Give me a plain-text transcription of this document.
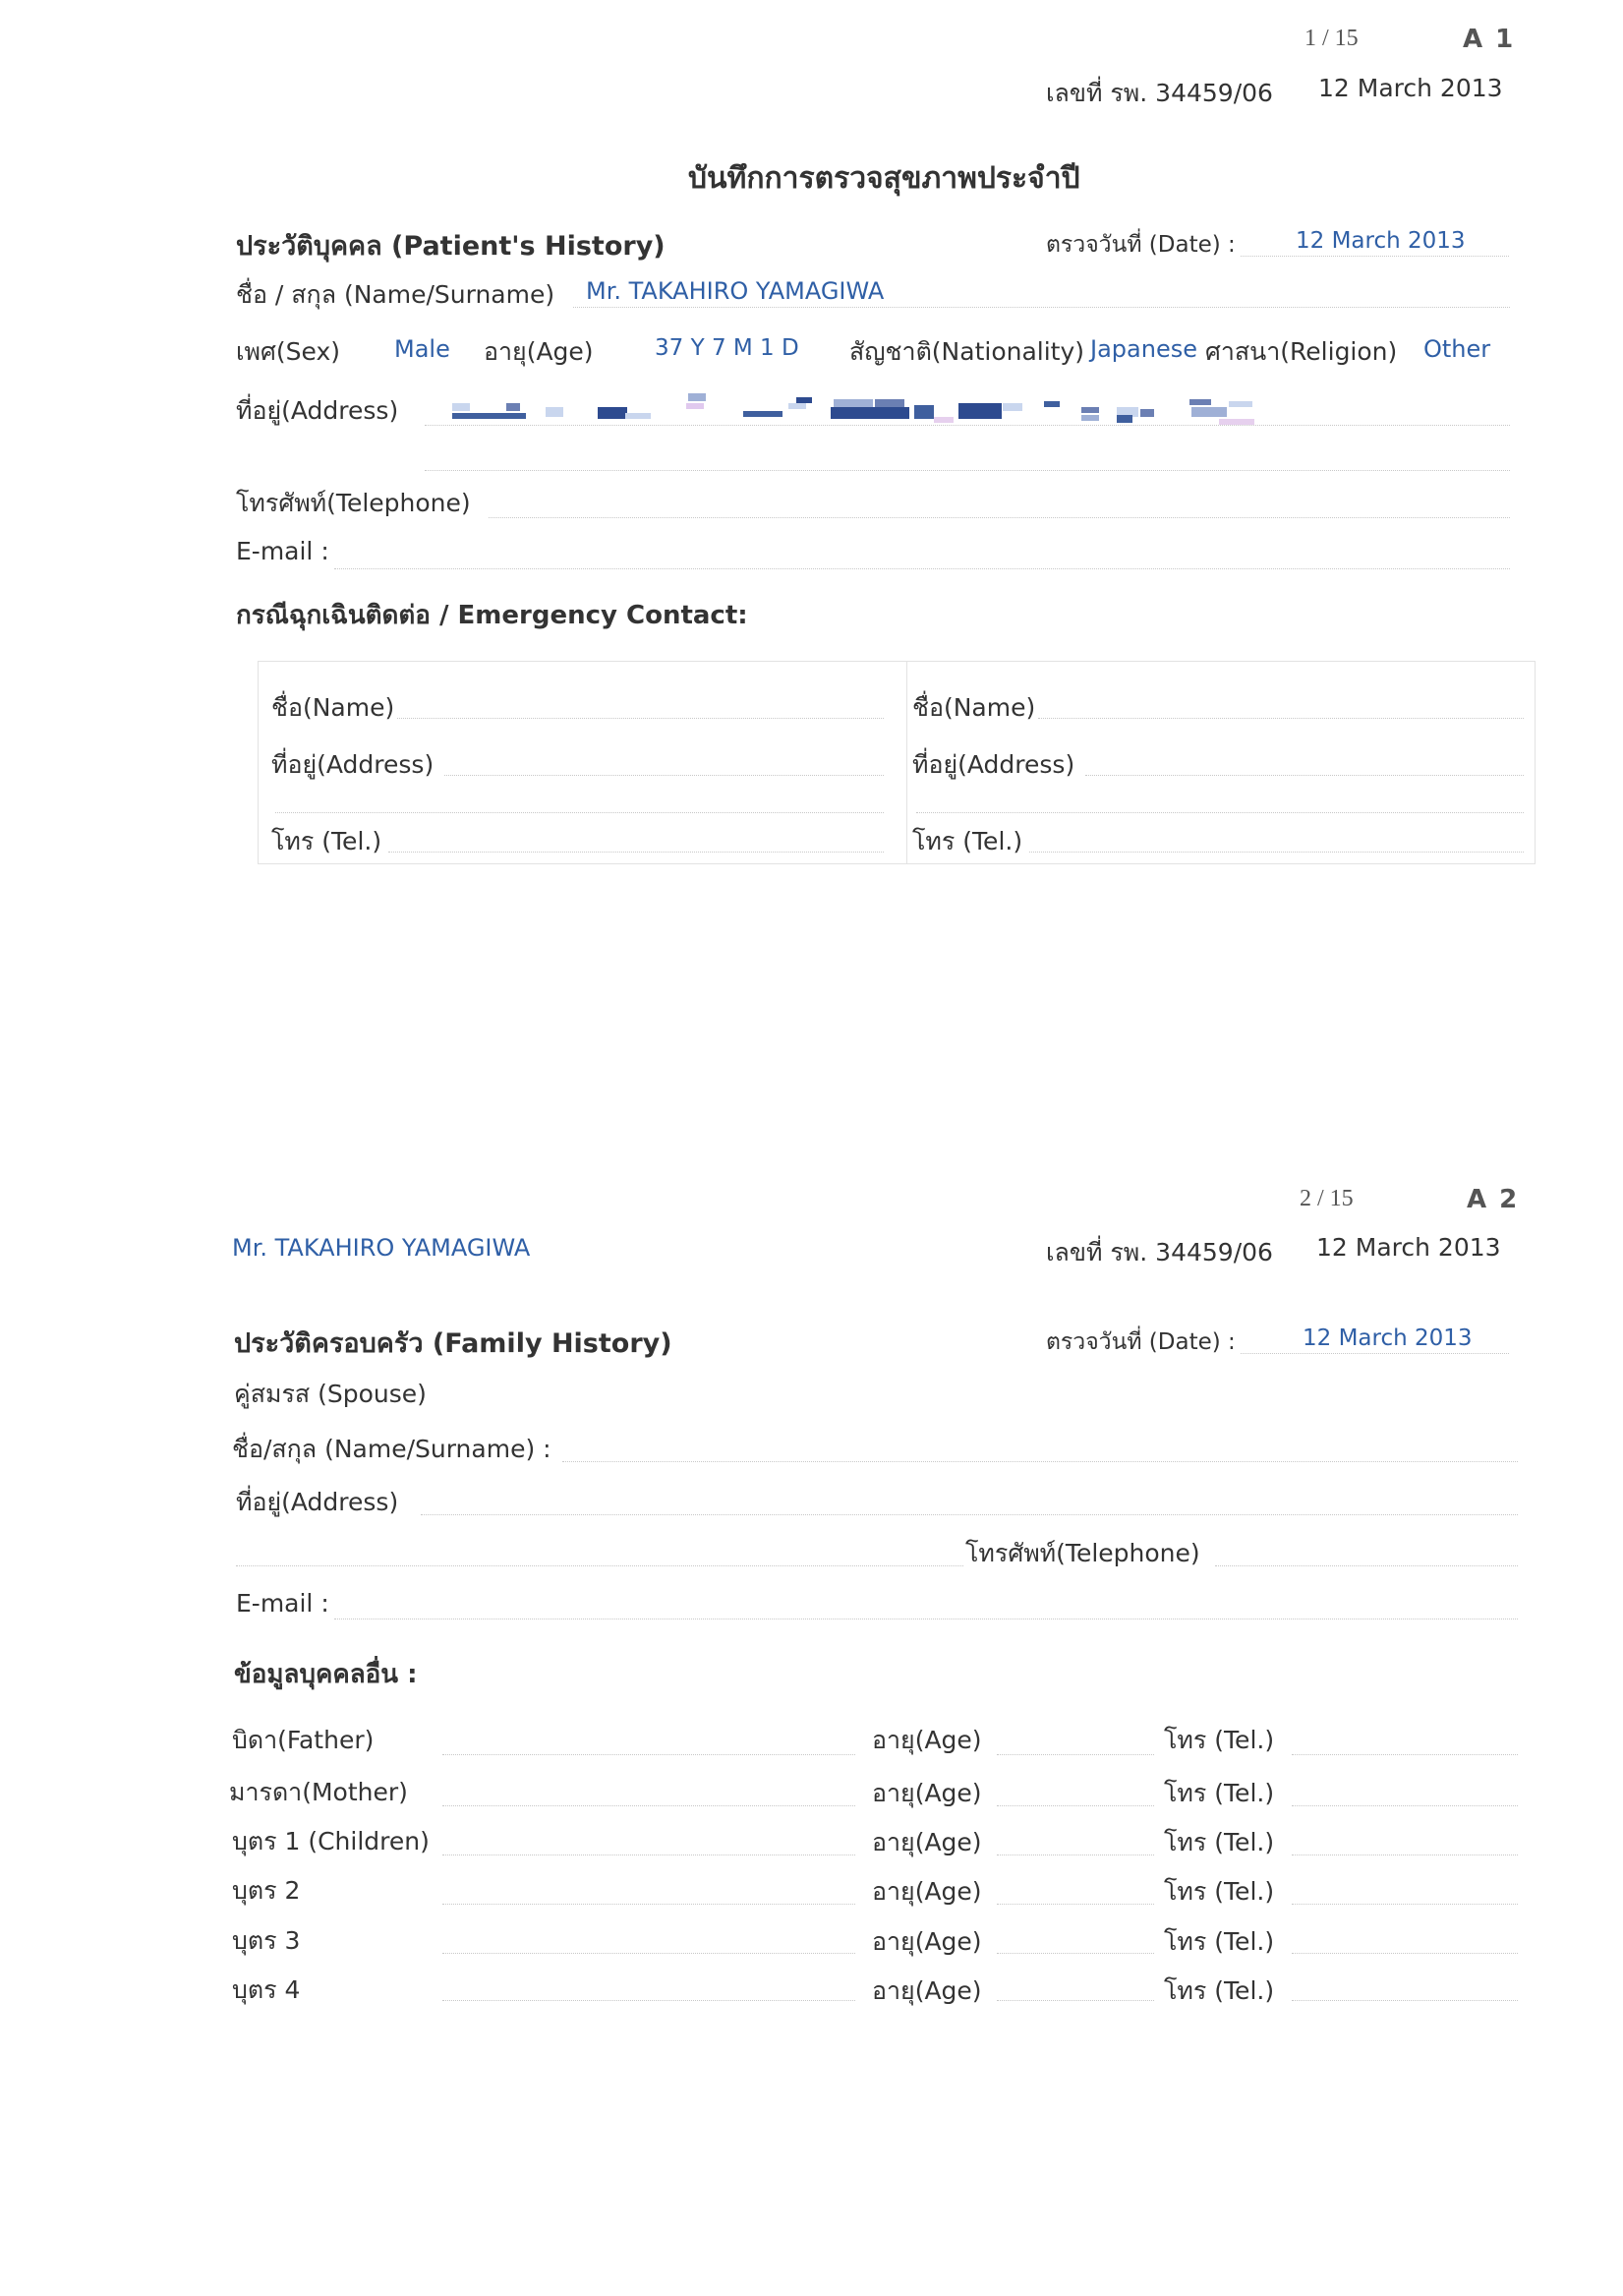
1 / 15	A 1
เลขที่ รพ. 34459/06 12 March 2013
บันทึกการตรวจสุขภาพประจำปี
ประวัติบุคคล (Patient's History)	ตรวจวันที่ (Date) :	12 March 2013
ชื่อ / สกุล (Name/Surname) Mr. TAKAHIRO YAMAGIWA
เพศ(Sex) Male อายุ(Age)	37 Y 7 M 1 D สัญชาติ(Nationality) Japanese ศาสนา(Religion) Other
ที่อยู่(Address)
โทรศัพท์(Telephone)
E-mail :
กรณีฉุกเฉินติดต่อ / Emergency Contact:
ชื่อ(Name)
ที่อยู่(Address)
โทร (Tel.)
ชื่อ(Name)
ที่อยู่(Address)
โทร (Tel.)
2 / 15	A 2
Mr. TAKAHIRO YAMAGIWA	เลขที่ รพ. 34459/06 12 March 2013
ประวัติครอบครัว (Family History)	ตรวจวันที่ (Date) :	12 March 2013
คู่สมรส (Spouse)
ชื่อ/สกุล (Name/Surname) :
ที่อยู่(Address)
โทรศัพท์(Telephone)
E-mail :
ข้อมูลบุคคลอื่น :
บิดา(Father)	อายุ(Age)	โทร (Tel.)
มารดา(Mother)	อายุ(Age)	โทร (Tel.)
บุตร 1 (Children)	อายุ(Age)	โทร (Tel.)
บุตร 2	อายุ(Age)	โทร (Tel.)
บุตร 3	อายุ(Age)	โทร (Tel.)
บุตร 4	อายุ(Age)	โทร (Tel.)
